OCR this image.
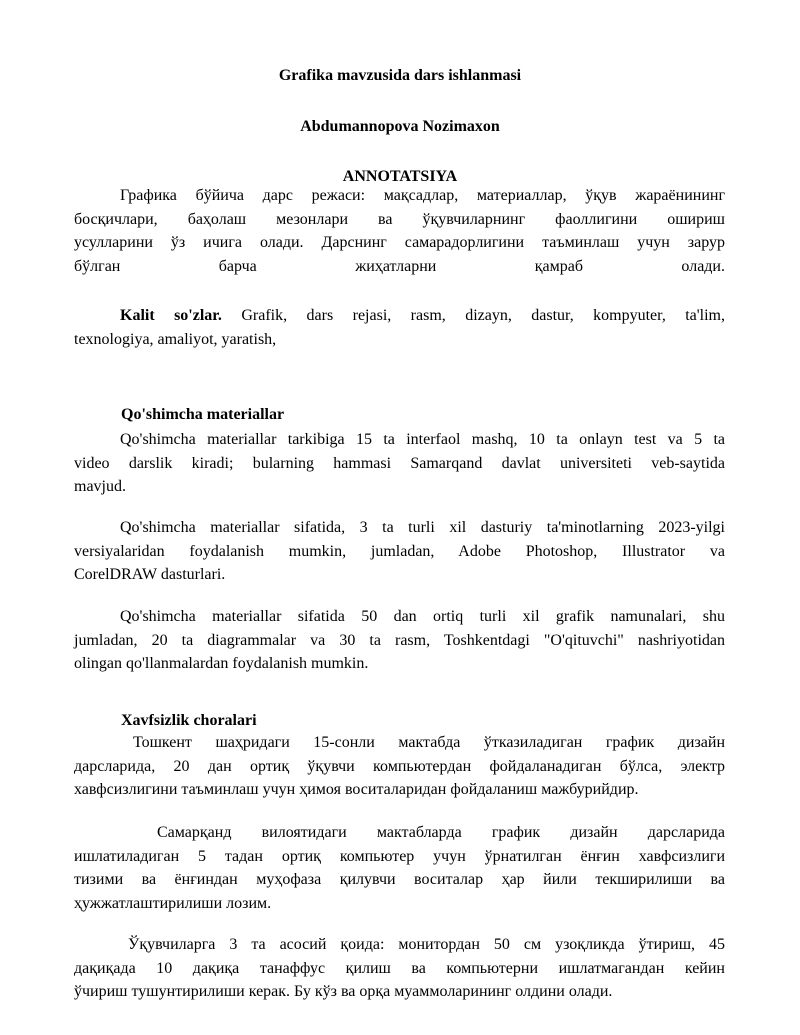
Grafika mavzusida dars ishlanmasi

Abdumannopova Nozimaxon

ANNOTATSIYA

Графика бўйича дарс режаси: мақсадлар, материаллар, ўқув жараёнининг
босқичлари, баҳолаш мезонлари ва ўқувчиларнинг фаоллигини ошириш
усулларини ўз ичига олади. Дарснинг самарадорлигини таъминлаш учун зарур
бўлган барча жиҳатларни қамраб олади.
Kalit so'zlar. Grafik, dars rejasi, rasm, dizayn, dastur, kompyuter, ta'lim,
texnologiya, amaliyot, yaratish,

Qo'shimcha materiallar

Qo'shimcha materiallar tarkibiga 15 ta interfaol mashq, 10 ta onlayn test va 5 ta
video darslik kiradi; bularning hammasi Samarqand davlat universiteti veb-saytida
mavjud.
Qo'shimcha materiallar sifatida, 3 ta turli xil dasturiy ta'minotlarning 2023-yilgi
versiyalaridan foydalanish mumkin, jumladan, Adobe Photoshop, Illustrator va
CorelDRAW dasturlari.
Qo'shimcha materiallar sifatida 50 dan ortiq turli xil grafik namunalari, shu
jumladan, 20 ta diagrammalar va 30 ta rasm, Toshkentdagi "O'qituvchi" nashriyotidan
olingan qo'llanmalardan foydalanish mumkin.

Xavfsizlik choralari

Тошкент шаҳридаги 15-сонли мактабда ўтказиладиган график дизайн
дарсларида, 20 дан ортиқ ўқувчи компьютердан фойдаланадиган бўлса, электр
хавфсизлигини таъминлаш учун ҳимоя воситаларидан фойдаланиш мажбурийдир.
Самарқанд вилоятидаги мактабларда график дизайн дарсларида
ишлатиладиган 5 тадан ортиқ компьютер учун ўрнатилган ёнғин хавфсизлиги
тизими ва ёнғиндан муҳофаза қилувчи воситалар ҳар йили текширилиши ва
ҳужжатлаштирилиши лозим.
Ўқувчиларга 3 та асосий қоида: монитордан 50 см узоқликда ўтириш, 45
дақиқада 10 дақиқа танаффус қилиш ва компьютерни ишлатмагандан кейин
ўчириш тушунтирилиши керак. Бу кўз ва орқа муаммоларининг олдини олади.
